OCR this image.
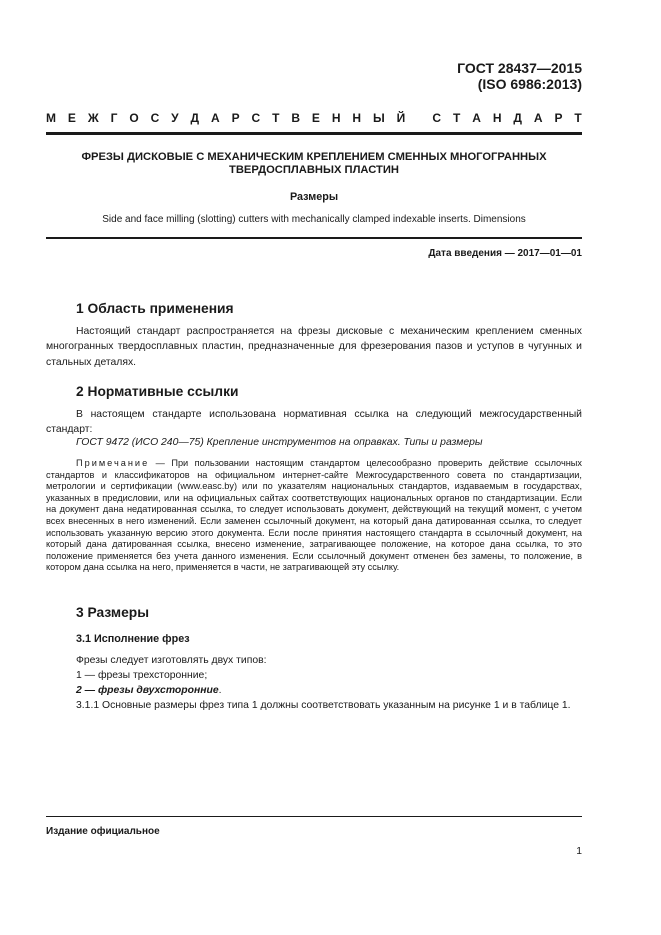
ГОСТ 28437—2015
(ISO 6986:2013)
М Е Ж Г О С У Д А Р С Т В Е Н Н Ы Й
С Т А Н Д А Р Т
ФРЕЗЫ ДИСКОВЫЕ С МЕХАНИЧЕСКИМ КРЕПЛЕНИЕМ СМЕННЫХ МНОГОГРАННЫХ
ТВЕРДОСПЛАВНЫХ ПЛАСТИН
Размеры
Side and face milling (slotting) cutters with mechanically clamped indexable inserts. Dimensions
Дата введения — 2017—01—01
1 Область применения
Настоящий стандарт распространяется на фрезы дисковые с механическим креплением сменных многогранных твердосплавных пластин, предназначенные для фрезерования пазов и уступов в чугунных и стальных деталях.
2 Нормативные ссылки
В настоящем стандарте использована нормативная ссылка на следующий межгосударственный стандарт:
ГОСТ 9472 (ИСО 240—75) Крепление инструментов на оправках. Типы и размеры
Примечание — При пользовании настоящим стандартом целесообразно проверить действие ссылочных стандартов и классификаторов на официальном интернет-сайте Межгосударственного совета по стандартизации, метрологии и сертификации (www.easc.by) или по указателям национальных стандартов, издаваемым в государствах, указанных в предисловии, или на официальных сайтах соответствующих национальных органов по стандартизации. Если на документ дана недатированная ссылка, то следует использовать документ, действующий на текущий момент, с учетом всех внесенных в него изменений. Если заменен ссылочный документ, на который дана датированная ссылка, то следует использовать указанную версию этого документа. Если после принятия настоящего стандарта в ссылочный документ, на который дана датированная ссылка, внесено изменение, затрагивающее положение, на которое дана ссылка, то это положение применяется без учета данного изменения. Если ссылочный документ отменен без замены, то положение, в котором дана ссылка на него, применяется в части, не затрагивающей эту ссылку.
3 Размеры
3.1 Исполнение фрез
Фрезы следует изготовлять двух типов:
1 — фрезы трехсторонние;
2 — фрезы двухсторонние.
3.1.1 Основные размеры фрез типа 1 должны соответствовать указанным на рисунке 1 и в таблице 1.
Издание официальное
1
